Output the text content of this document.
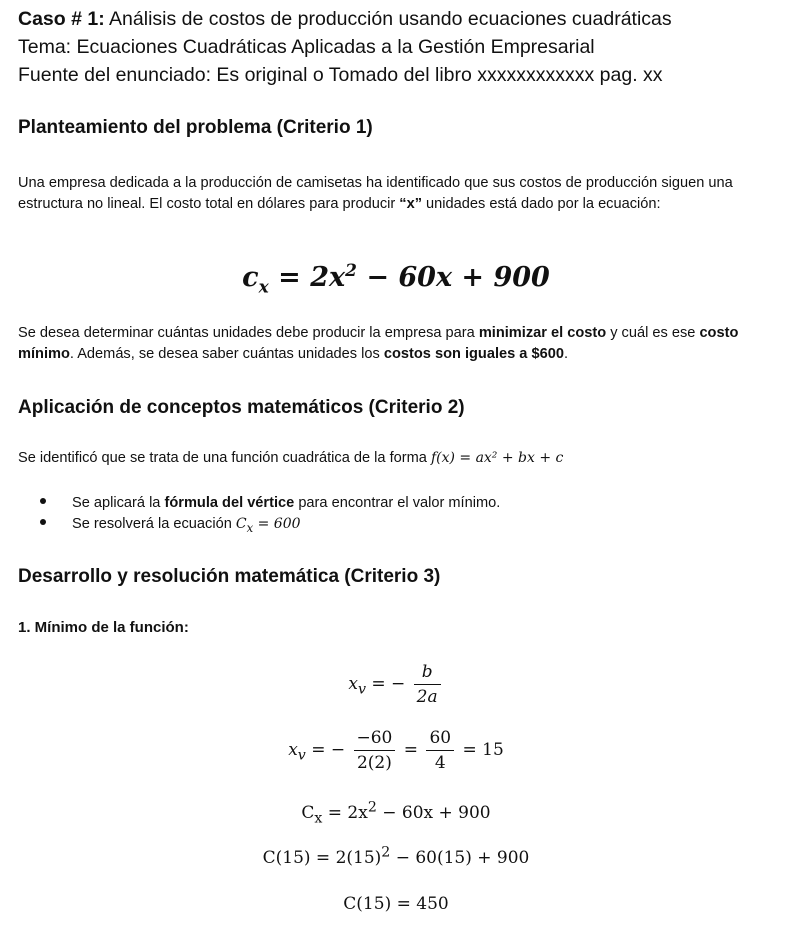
Caso # 1: Análisis de costos de producción usando ecuaciones cuadráticas
Tema: Ecuaciones Cuadráticas Aplicadas a la Gestión Empresarial
Fuente del enunciado: Es original o Tomado del libro xxxxxxxxxxxx pag. xx
Planteamiento del problema (Criterio 1)
Una empresa dedicada a la producción de camisetas ha identificado que sus costos de producción siguen una estructura no lineal. El costo total en dólares para producir “x” unidades está dado por la ecuación:
$c_x = 2x^2 - 60x + 900$
Se desea determinar cuántas unidades debe producir la empresa para minimizar el costo y cuál es ese costo mínimo. Además, se desea saber cuántas unidades los costos son iguales a $600.
Aplicación de conceptos matemáticos (Criterio 2)
Se identificó que se trata de una función cuadrática de la forma f(x) = ax² + bx + c
Se aplicará la fórmula del vértice para encontrar el valor mínimo.
Se resolverá la ecuación $C_x = 600$
Desarrollo y resolución matemática (Criterio 3)
1. Mínimo de la función:
$x_v$ = − $\frac{b}{2a}$
$x_v$ = − $\frac{-60}{2(2)} = \frac{60}{4} = 15$
$C_x = 2x^2 - 60x + 900$
$C(15) = 2(15)^2 - 60(15) + 900$
C(15) = 450
